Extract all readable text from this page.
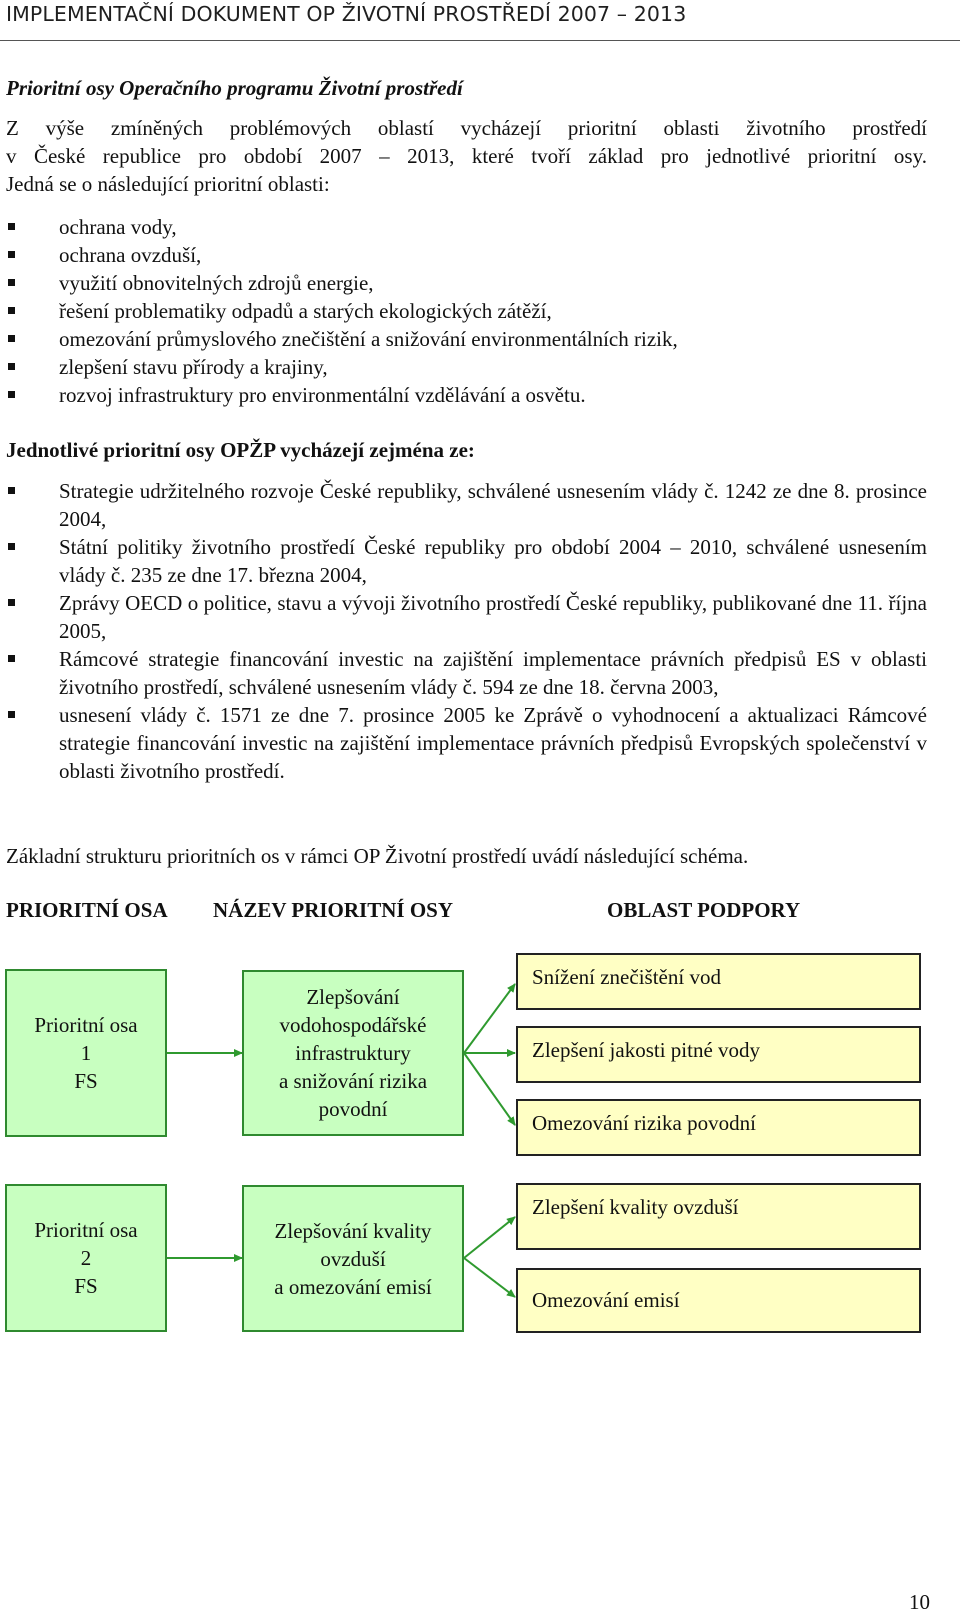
IMPLEMENTAČNÍ DOKUMENT OP ŽIVOTNÍ PROSTŘEDÍ 2007 – 2013
Prioritní osy Operačního programu Životní prostředí
Z výše zmíněných problémových oblastí vycházejí prioritní oblasti životního prostředí
v České republice pro období 2007 – 2013, které tvoří základ pro jednotlivé prioritní osy.
Jedná se o následující prioritní oblasti:
ochrana vody,
ochrana ovzduší,
využití obnovitelných zdrojů energie,
řešení problematiky odpadů a starých ekologických zátěží,
omezování průmyslového znečištění a snižování environmentálních rizik,
zlepšení stavu přírody a krajiny,
rozvoj infrastruktury pro environmentální vzdělávání a osvětu.
Jednotlivé prioritní osy OPŽP vycházejí zejména ze:
Strategie udržitelného rozvoje České republiky, schválené usnesením vlády č. 1242 ze dne 8. prosince 2004,
Státní politiky životního prostředí České republiky pro období 2004 – 2010, schválené usnesením vlády č. 235 ze dne 17. března 2004,
Zprávy OECD o politice, stavu a vývoji životního prostředí České republiky, publikované dne 11. října 2005,
Rámcové strategie financování investic na zajištění implementace právních předpisů ES v oblasti životního prostředí, schválené usnesením vlády č. 594 ze dne 18. června 2003,
usnesení vlády č. 1571 ze dne 7. prosince 2005 ke Zprávě o vyhodnocení a aktualizaci Rámcové strategie financování investic na zajištění implementace právních předpisů Evropských společenství v oblasti životního prostředí.

Základní strukturu prioritních os v rámci OP Životní prostředí uvádí následující schéma.

PRIORITNÍ OSA NÁZEV PRIORITNÍ OSY	OBLAST PODPORY
Prioritní osa
1
FS
Zlepšování
vodohospodářské
infrastruktury
a snižování rizika
povodní
Snížení znečištění vod
Zlepšení jakosti pitné vody
Omezování rizika povodní
Prioritní osa
2
FS
Zlepšování kvality
ovzduší
a omezování emisí
Zlepšení kvality ovzduší
Omezování emisí
10
